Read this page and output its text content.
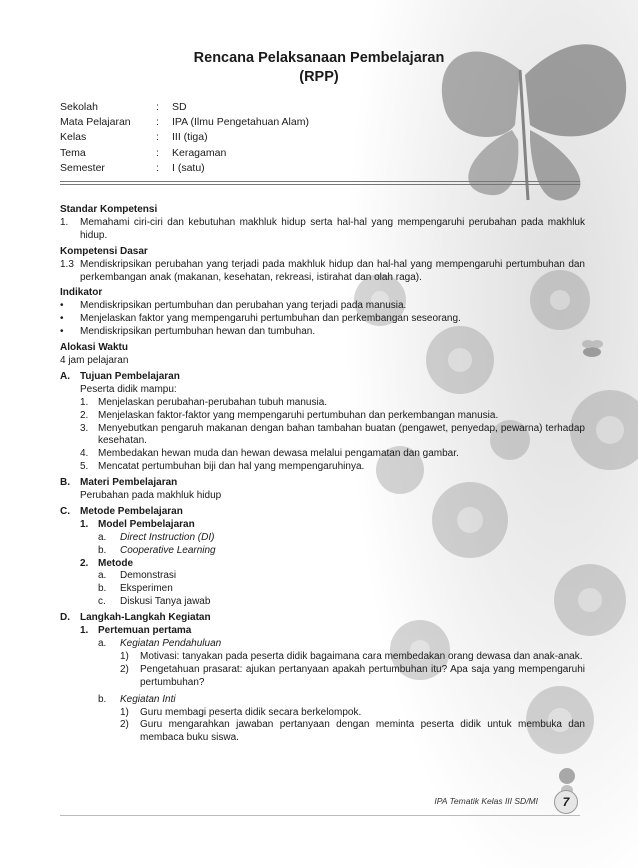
Rencana Pelaksanaan Pembelajaran
(RPP)
Sekolah	:	SD
Mata Pelajaran	:	IPA (Ilmu Pengetahuan Alam)
Kelas	:	III (tiga)
Tema	:	Keragaman
Semester	:	I (satu)
Standar Kompetensi
1.	Memahami ciri-ciri dan kebutuhan makhluk hidup serta hal-hal yang mempengaruhi perubahan pada makhluk hidup.
Kompetensi Dasar
1.3 Mendiskripsikan perubahan yang terjadi pada makhluk hidup dan hal-hal yang mempengaruhi pertumbuhan dan perkembangan anak (makanan, kesehatan, rekreasi, istirahat dan olah raga).
Indikator
•	Mendiskripsikan pertumbuhan dan perubahan yang terjadi pada manusia.
•	Menjelaskan faktor yang mempengaruhi pertumbuhan dan perkembangan seseorang.
•	Mendiskripsikan pertumbuhan hewan dan tumbuhan.
Alokasi Waktu
4 jam pelajaran
A.	Tujuan Pembelajaran
Peserta didik mampu:
1. Menjelaskan perubahan-perubahan tubuh manusia.
2. Menjelaskan faktor-faktor yang mempengaruhi pertumbuhan dan perkembangan manusia.
3. Menyebutkan pengaruh makanan dengan bahan tambahan buatan (pengawet, penyedap, pewarna) terhadap kesehatan.
4. Membedakan hewan muda dan hewan dewasa melalui pengamatan dan gambar.
5. Mencatat pertumbuhan biji dan hal yang mempengaruhinya.
B.	Materi Pembelajaran
Perubahan pada makhluk hidup
C.	Metode Pembelajaran
1. Model Pembelajaran
a.	Direct Instruction (DI)
b.	Cooperative Learning
2. Metode
a.	Demonstrasi
b.	Eksperimen
c.	Diskusi Tanya jawab
D.	Langkah-Langkah Kegiatan
1. Pertemuan pertama
a.	Kegiatan Pendahuluan
1)	Motivasi: tanyakan pada peserta didik bagaimana cara membedakan orang dewasa dan anak-anak.
2)	Pengetahuan prasarat: ajukan pertanyaan apakah pertumbuhan itu? Apa saja yang mempengaruhi pertumbuhan?
b.	Kegiatan Inti
1)	Guru membagi peserta didik secara berkelompok.
2)	Guru mengarahkan jawaban pertanyaan dengan meminta peserta didik untuk membuka dan membaca buku siswa.
IPA Tematik Kelas III SD/MI	7
